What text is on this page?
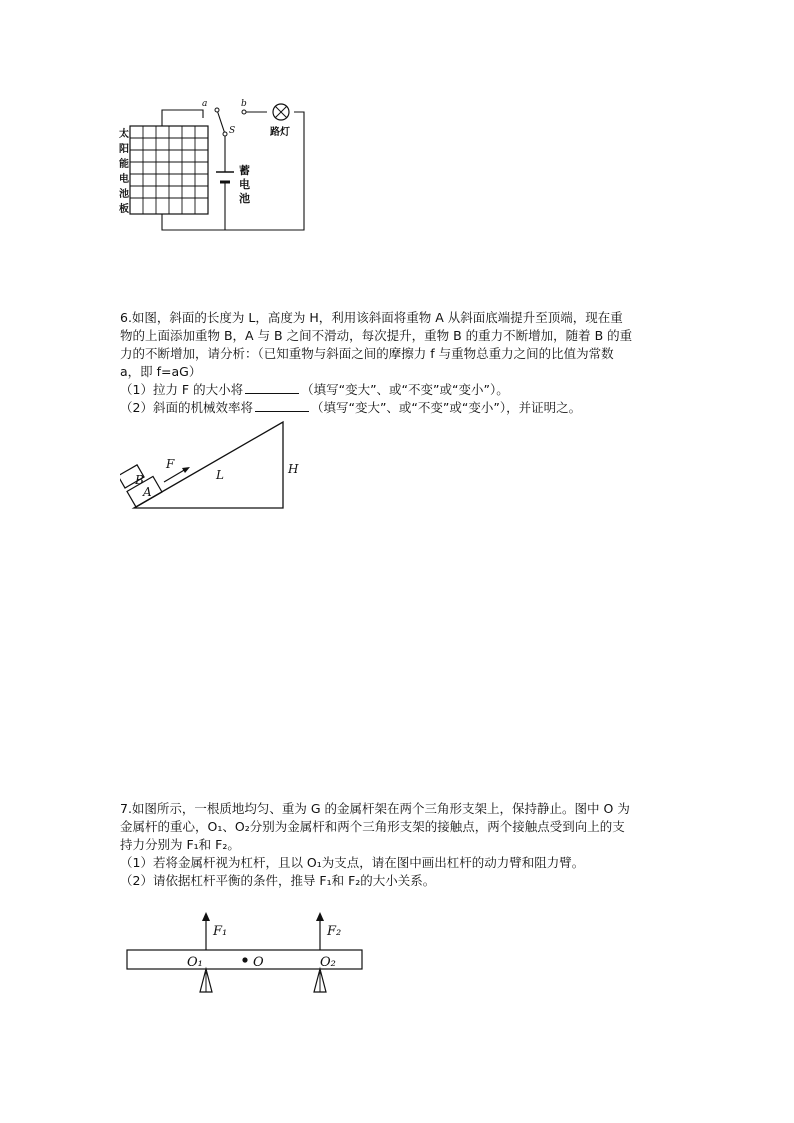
太
阳
能
电
池
板
蓄
电
池
路灯
a	b
S
6.如图，斜面的长度为 L，高度为 H，利用该斜面将重物 A 从斜面底端提升至顶端，现在重
物的上面添加重物 B，A 与 B 之间不滑动，每次提升，重物 B 的重力不断增加，随着 B 的重
力的不断增加，请分析：（已知重物与斜面之间的摩擦力 f 与重物总重力之间的比值为常数
a，即 f=aG）
（1）拉力 F 的大小将	（填写“变大”、或“不变”或“变小”）。
（2）斜面的机械效率将	（填写“变大”、或“不变”或“变小”），并证明之。
B
A
F
L	H
7.如图所示，一根质地均匀、重为 G 的金属杆架在两个三角形支架上，保持静止。图中 O 为
金属杆的重心，O₁、O₂分别为金属杆和两个三角形支架的接触点，两个接触点受到向上的支
持力分别为 F₁和 F₂。
（1）若将金属杆视为杠杆，且以 O₁为支点，请在图中画出杠杆的动力臂和阻力臂。
（2）请依据杠杆平衡的条件，推导 F₁和 F₂的大小关系。
F₁	F₂
O₁	O	O₂
